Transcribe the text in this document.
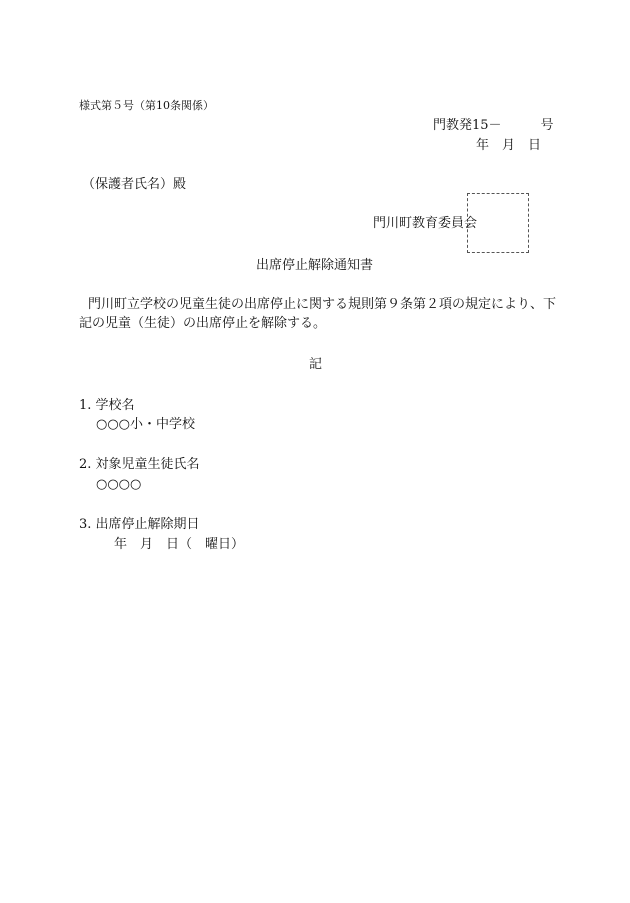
様式第５号（第10条関係）
門教発15－　　　号
年　月　日
（保護者氏名）殿
門川町教育委員会
出席停止解除通知書
門川町立学校の児童生徒の出席停止に関する規則第９条第２項の規定により、下
記の児童（生徒）の出席停止を解除する。
記
1. 学校名
○○○小・中学校
2. 対象児童生徒氏名
○○○○
3. 出席停止解除期日
年　月　日（　曜日）
